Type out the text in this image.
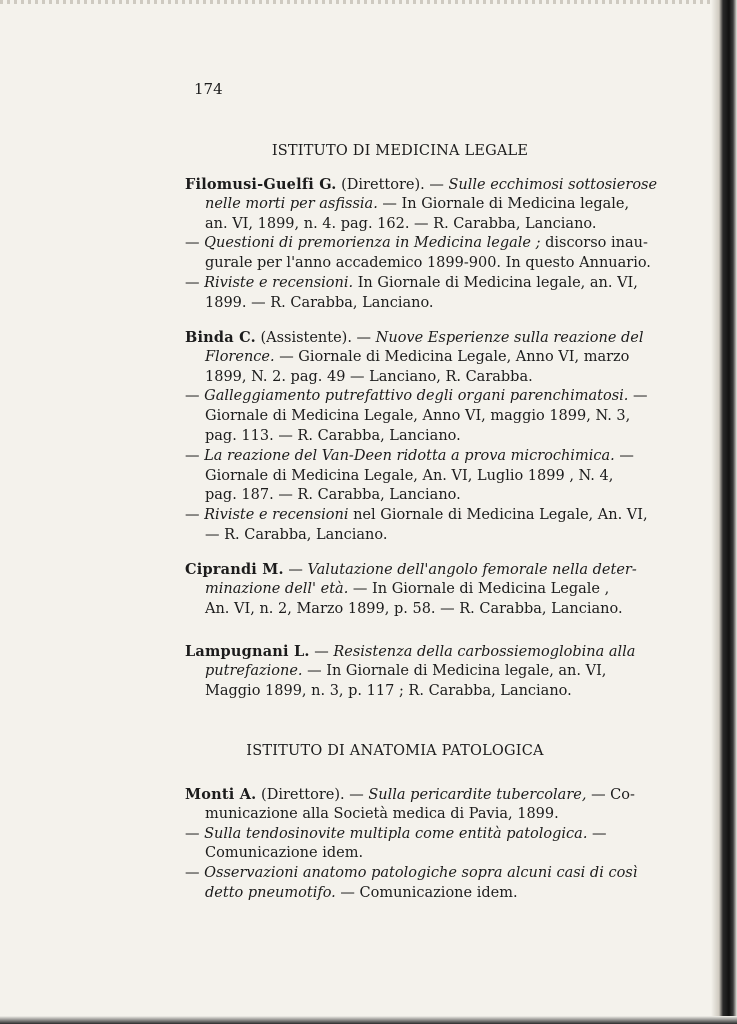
174
ISTITUTO DI MEDICINA LEGALE
Filomusi-Guelfi G. (Direttore). — Sulle ecchimosi sottosierose
nelle morti per asfissia. — In Giornale di Medicina legale,
an. VI, 1899, n. 4. pag. 162. — R. Carabba, Lanciano.
— Questioni di premorienza in Medicina legale ; discorso inau-
gurale per l'anno accademico 1899-900. In questo Annuario.
— Riviste e recensioni. In Giornale di Medicina legale, an. VI,
1899. — R. Carabba, Lanciano.
Binda C. (Assistente). — Nuove Esperienze sulla reazione del
Florence. — Giornale di Medicina Legale, Anno VI, marzo
1899, N. 2. pag. 49 — Lanciano, R. Carabba.
— Galleggiamento putrefattivo degli organi parenchimatosi. —
Giornale di Medicina Legale, Anno VI, maggio 1899, N. 3,
pag. 113. — R. Carabba, Lanciano.
— La reazione del Van-Deen ridotta a prova microchimica. —
Giornale di Medicina Legale, An. VI, Luglio 1899 , N. 4,
pag. 187. — R. Carabba, Lanciano.
— Riviste e recensioni nel Giornale di Medicina Legale, An. VI,
— R. Carabba, Lanciano.
Ciprandi M. — Valutazione dell'angolo femorale nella deter-
minazione dell' età. — In Giornale di Medicina Legale ,
An. VI, n. 2, Marzo 1899, p. 58. — R. Carabba, Lanciano.
Lampugnani L. — Resistenza della carbossiemoglobina alla
putrefazione. — In Giornale di Medicina legale, an. VI,
Maggio 1899, n. 3, p. 117 ; R. Carabba, Lanciano.
ISTITUTO DI ANATOMIA PATOLOGICA
Monti A. (Direttore). — Sulla pericardite tubercolare, — Co-
municazione alla Società medica di Pavia, 1899.
— Sulla tendosinovite multipla come entità patologica. —
Comunicazione idem.
— Osservazioni anatomo patologiche sopra alcuni casi di così
detto pneumotifo. — Comunicazione idem.
